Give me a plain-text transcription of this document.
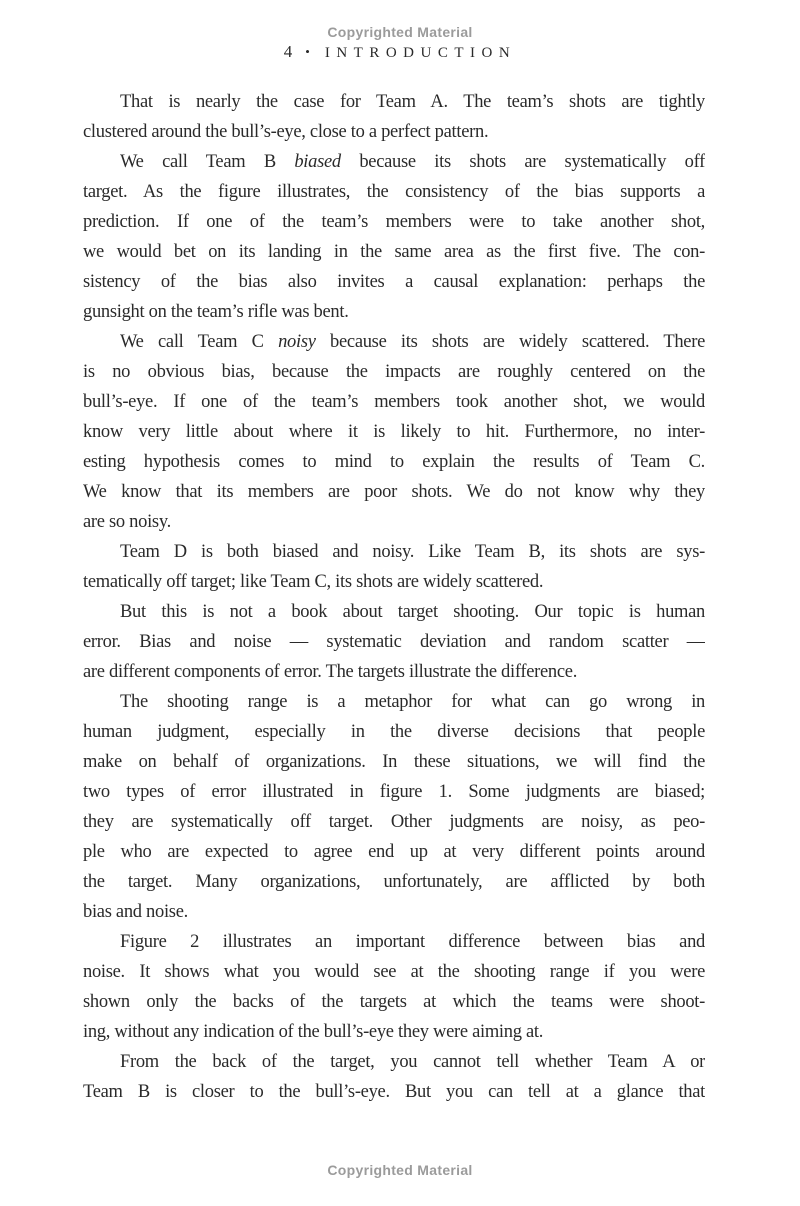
Copyrighted Material
4 • INTRODUCTION
That is nearly the case for Team A. The team’s shots are tightly
clustered around the bull’s-eye, close to a perfect pattern.
We call Team B biased because its shots are systematically off
target. As the figure illustrates, the consistency of the bias supports a
prediction. If one of the team’s members were to take another shot,
we would bet on its landing in the same area as the first five. The con-
sistency of the bias also invites a causal explanation: perhaps the
gunsight on the team’s rifle was bent.
We call Team C noisy because its shots are widely scattered. There
is no obvious bias, because the impacts are roughly centered on the
bull’s-eye. If one of the team’s members took another shot, we would
know very little about where it is likely to hit. Furthermore, no inter-
esting hypothesis comes to mind to explain the results of Team C.
We know that its members are poor shots. We do not know why they
are so noisy.
Team D is both biased and noisy. Like Team B, its shots are sys-
tematically off target; like Team C, its shots are widely scattered.
But this is not a book about target shooting. Our topic is human
error. Bias and noise — systematic deviation and random scatter —
are different components of error. The targets illustrate the difference.
The shooting range is a metaphor for what can go wrong in
human judgment, especially in the diverse decisions that people
make on behalf of organizations. In these situations, we will find the
two types of error illustrated in figure 1. Some judgments are biased;
they are systematically off target. Other judgments are noisy, as peo-
ple who are expected to agree end up at very different points around
the target. Many organizations, unfortunately, are afflicted by both
bias and noise.
Figure 2 illustrates an important difference between bias and
noise. It shows what you would see at the shooting range if you were
shown only the backs of the targets at which the teams were shoot-
ing, without any indication of the bull’s-eye they were aiming at.
From the back of the target, you cannot tell whether Team A or
Team B is closer to the bull’s-eye. But you can tell at a glance that
Copyrighted Material
